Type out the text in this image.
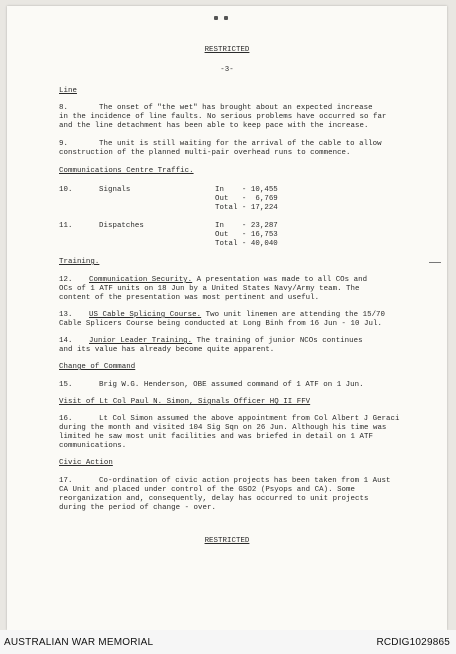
RESTRICTED
-3-
Line
8.	The onset of "the wet" has brought about an expected increase
in the incidence of line faults. No serious problems have occurred so far
and the line detachment has been able to keep pace with the increase.
9.	The unit is still waiting for the arrival of the cable to allow
construction of the planned multi-pair overhead runs to commence.
Communications Centre Traffic.
10.	Signals	In    - 10,455
Out   -  6,769
Total - 17,224
11.	Dispatches	In    - 23,287
Out   - 16,753
Total - 40,040
Training.
12. Communication Security. A presentation was made to all COs and
OCs of 1 ATF units on 18 Jun by a United States Navy/Army team. The
content of the presentation was most pertinent and useful.
13. US Cable Splicing Course. Two unit linemen are attending the 15/70
Cable Splicers Course being conducted at Long Binh from 16 Jun - 10 Jul.
14. Junior Leader Training. The training of junior NCOs continues
and its value has already become quite apparent.
Change of Command
15.	Brig W.G. Henderson, OBE assumed command of 1 ATF on 1 Jun.
Visit of Lt Col Paul N. Simon, Signals Officer HQ II FFV
16.	Lt Col Simon assumed the above appointment from Col Albert J Geraci
during the month and visited 104 Sig Sqn on 26 Jun. Although his time was
limited he saw most unit facilities and was briefed in detail on 1 ATF
communications.
Civic Action
17.	Co-ordination of civic action projects has been taken from 1 Aust
CA Unit and placed under control of the GSO2 (Psyops and CA). Some
reorganization and, consequently, delay has occurred to unit projects
during the period of change - over.
RESTRICTED
AUSTRALIAN WAR MEMORIAL	RCDIG1029865
